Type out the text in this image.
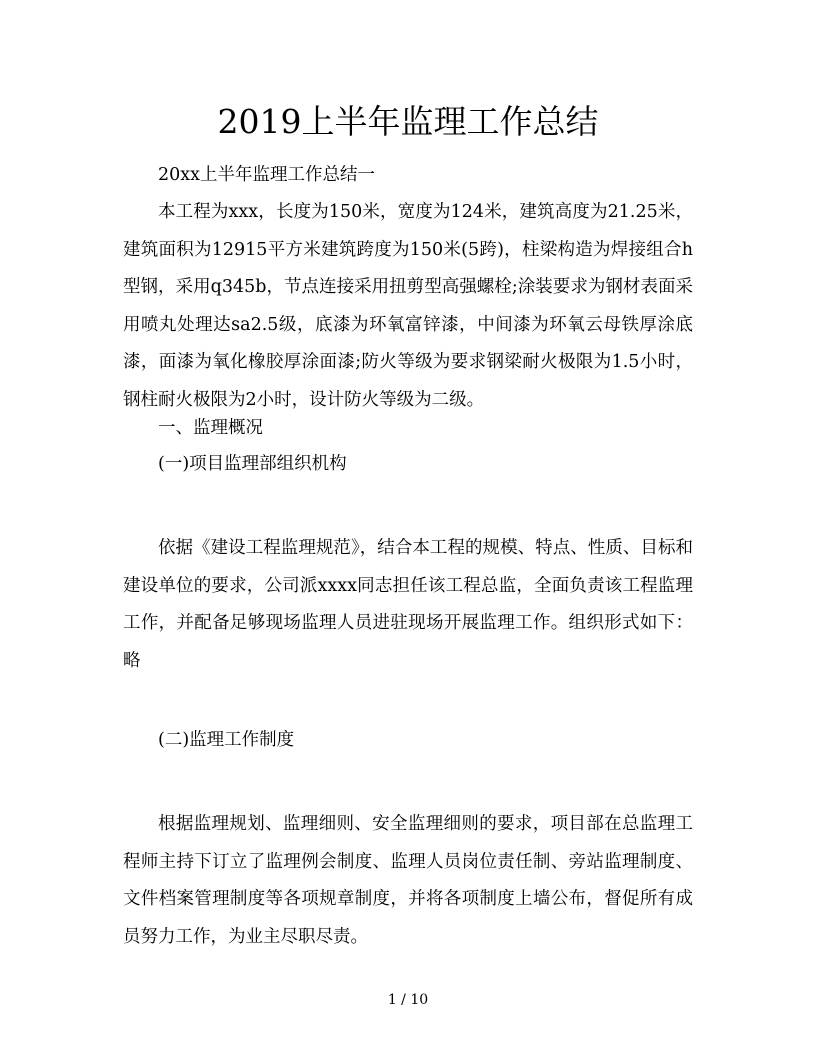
2019上半年监理工作总结
20xx上半年监理工作总结一
本工程为xxx，长度为150米，宽度为124米，建筑高度为21.25米，建筑面积为12915平方米建筑跨度为150米(5跨)，柱梁构造为焊接组合h型钢，采用q345b，节点连接采用扭剪型高强螺栓;涂装要求为钢材表面采用喷丸处理达sa2.5级，底漆为环氧富锌漆，中间漆为环氧云母铁厚涂底漆，面漆为氧化橡胶厚涂面漆;防火等级为要求钢梁耐火极限为1.5小时，钢柱耐火极限为2小时，设计防火等级为二级。
一、监理概况
(一)项目监理部组织机构
依据《建设工程监理规范》，结合本工程的规模、特点、性质、目标和建设单位的要求，公司派xxxx同志担任该工程总监，全面负责该工程监理工作，并配备足够现场监理人员进驻现场开展监理工作。组织形式如下：略
(二)监理工作制度
根据监理规划、监理细则、安全监理细则的要求，项目部在总监理工程师主持下订立了监理例会制度、监理人员岗位责任制、旁站监理制度、文件档案管理制度等各项规章制度，并将各项制度上墙公布，督促所有成员努力工作，为业主尽职尽责。
1 / 10
